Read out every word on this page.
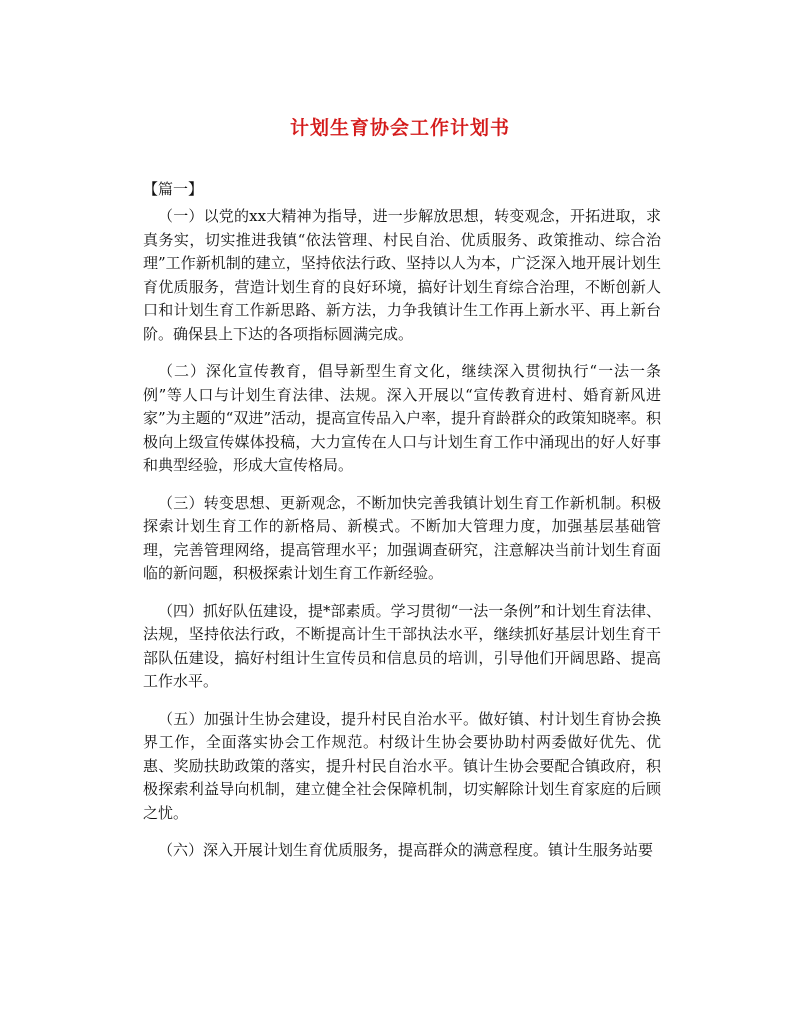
计划生育协会工作计划书

【篇一】

（一）以党的xx大精神为指导，进一步解放思想，转变观念，开拓进取，求真务实，切实推进我镇“依法管理、村民自治、优质服务、政策推动、综合治理”工作新机制的建立，坚持依法行政、坚持以人为本，广泛深入地开展计划生育优质服务，营造计划生育的良好环境，搞好计划生育综合治理，不断创新人口和计划生育工作新思路、新方法，力争我镇计生工作再上新水平、再上新台阶。确保县上下达的各项指标圆满完成。

（二）深化宣传教育，倡导新型生育文化，继续深入贯彻执行“一法一条例”等人口与计划生育法律、法规。深入开展以“宣传教育进村、婚育新风进家”为主题的“双进”活动，提高宣传品入户率，提升育龄群众的政策知晓率。积极向上级宣传媒体投稿，大力宣传在人口与计划生育工作中涌现出的好人好事和典型经验，形成大宣传格局。

（三）转变思想、更新观念，不断加快完善我镇计划生育工作新机制。积极探索计划生育工作的新格局、新模式。不断加大管理力度，加强基层基础管理，完善管理网络，提高管理水平；加强调查研究，注意解决当前计划生育面临的新问题，积极探索计划生育工作新经验。

（四）抓好队伍建设，提*部素质。学习贯彻“一法一条例”和计划生育法律、法规，坚持依法行政，不断提高计生干部执法水平，继续抓好基层计划生育干部队伍建设，搞好村组计生宣传员和信息员的培训，引导他们开阔思路、提高工作水平。

（五）加强计生协会建设，提升村民自治水平。做好镇、村计划生育协会换界工作，全面落实协会工作规范。村级计生协会要协助村两委做好优先、优惠、奖励扶助政策的落实，提升村民自治水平。镇计生协会要配合镇政府，积极探索利益导向机制，建立健全社会保障机制，切实解除计划生育家庭的后顾之忧。

（六）深入开展计划生育优质服务，提高群众的满意程度。镇计生服务站要
